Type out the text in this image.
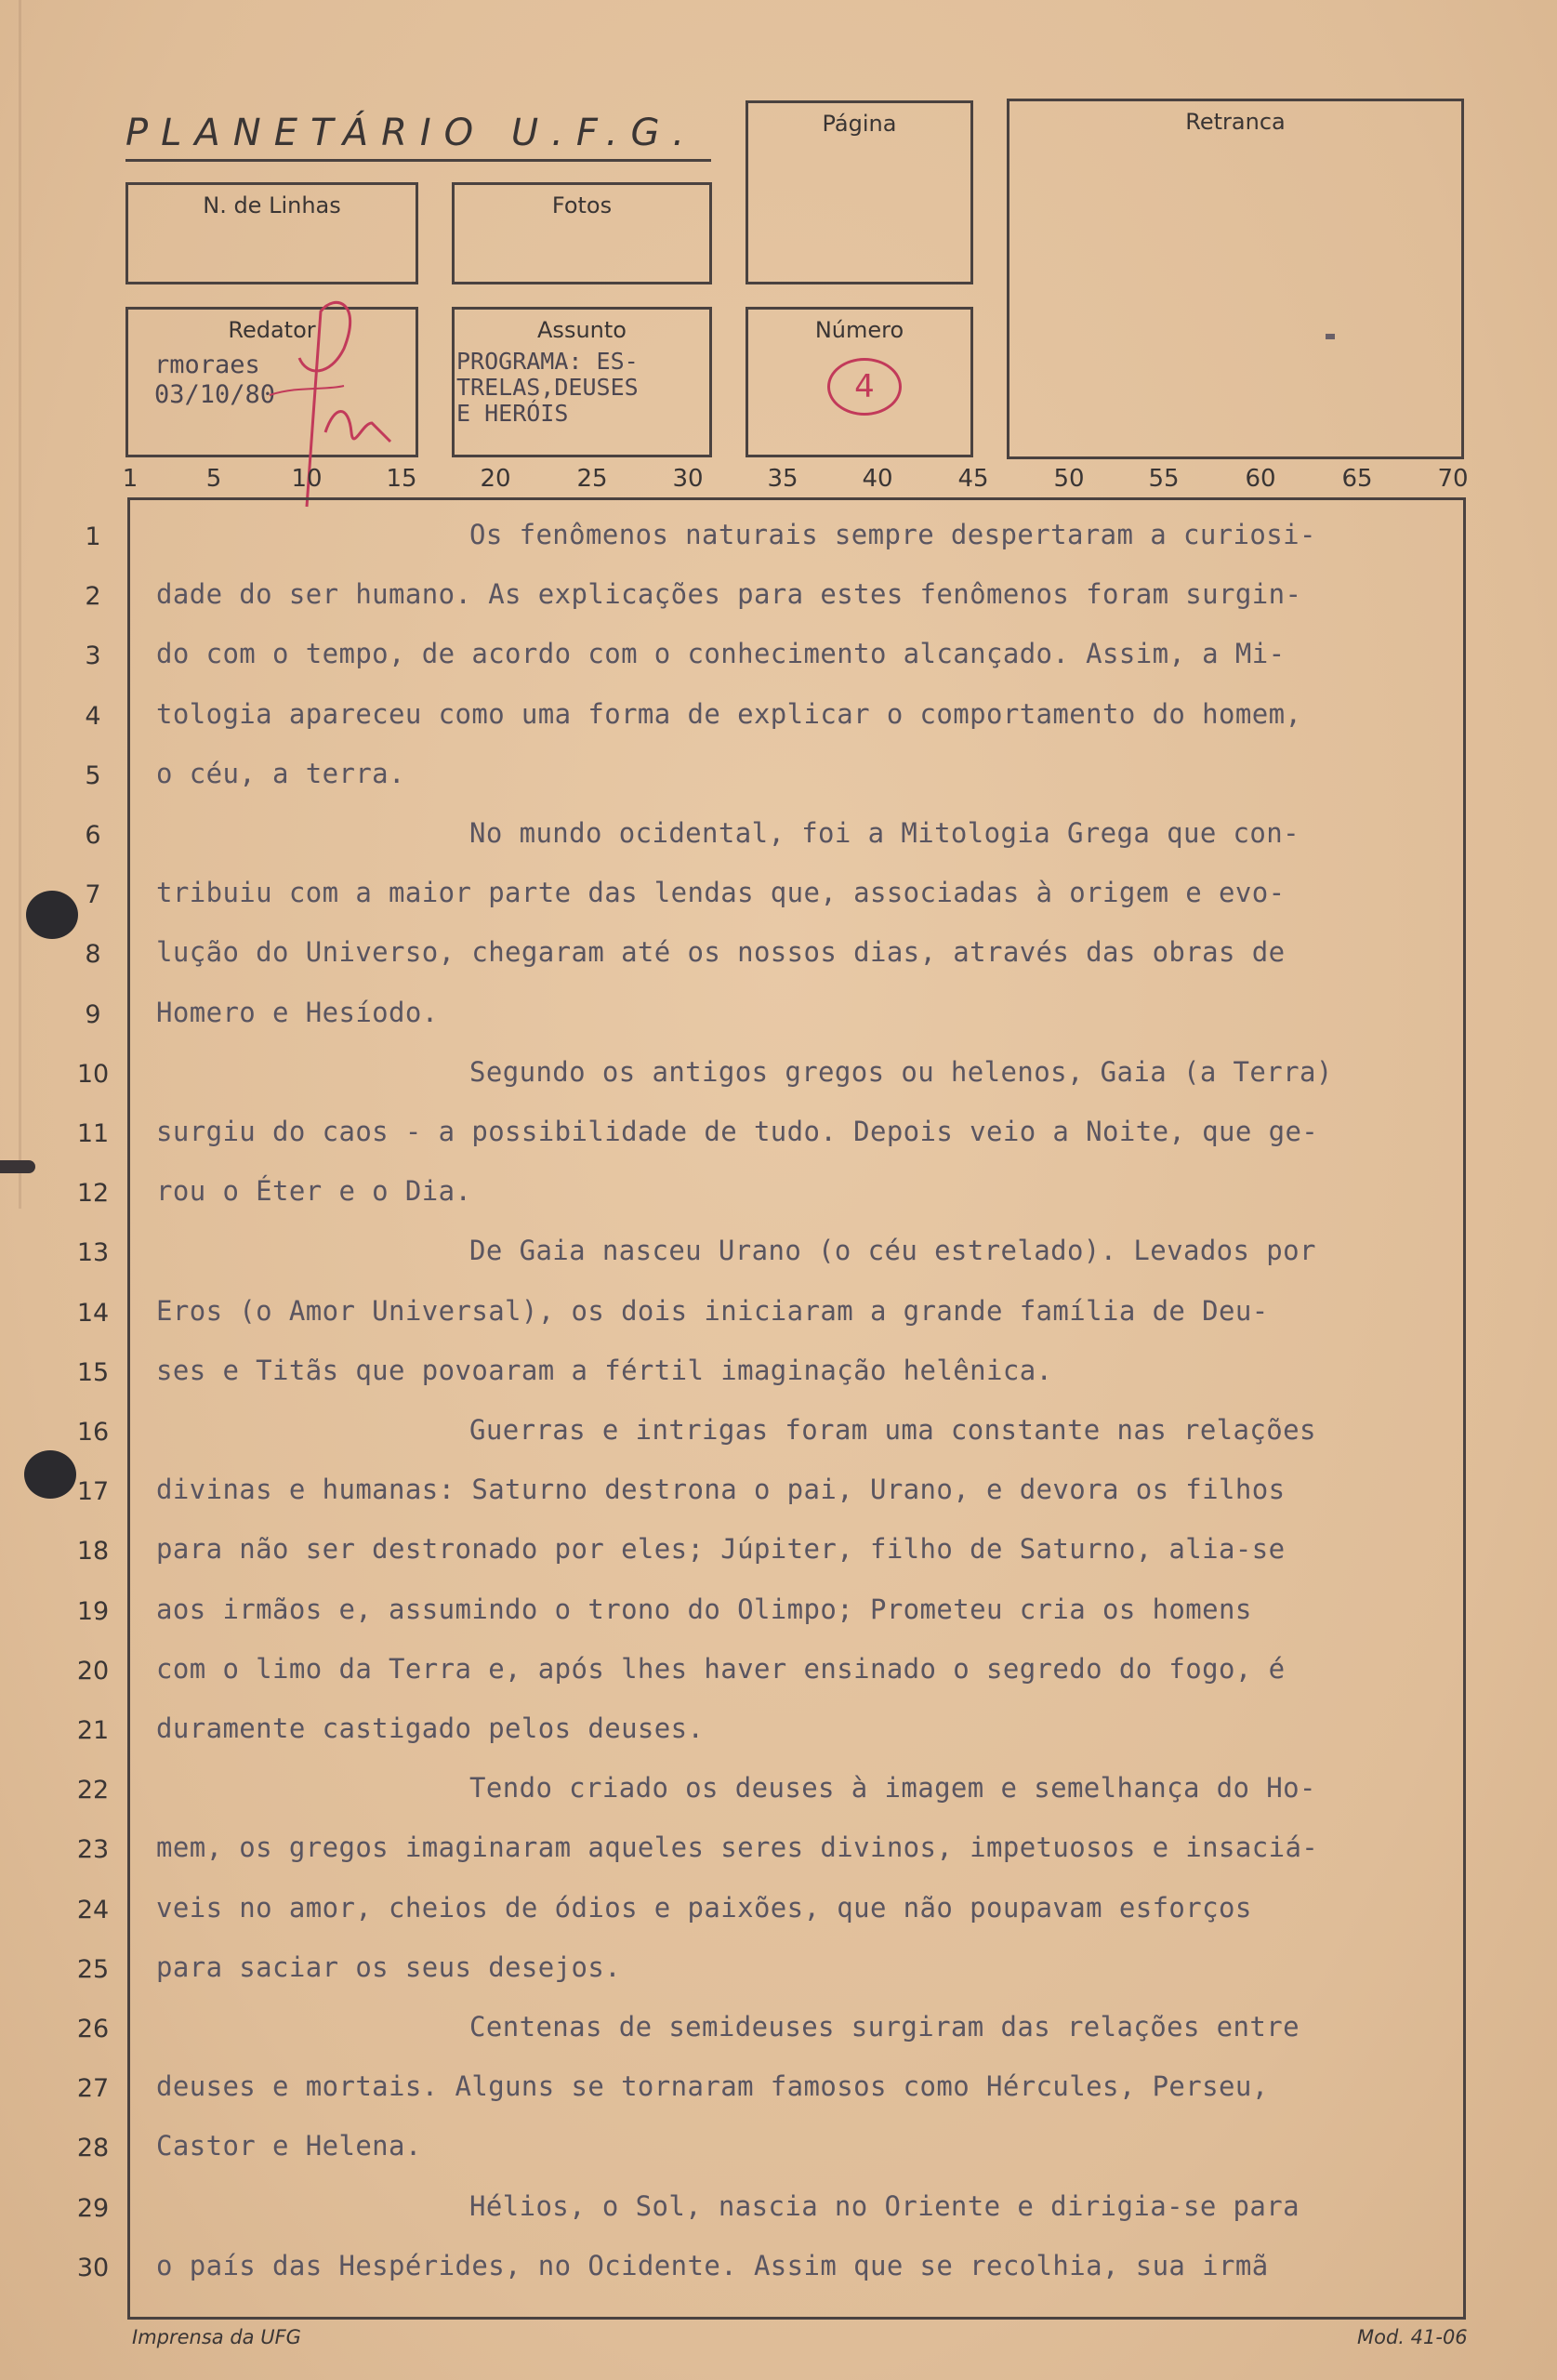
PLANETÁRIO U.F.G.	Página	Retranca
N. de Linhas	Fotos
Redator
rmoraes
03/10/80
Assunto
PROGRAMA: ES-
TRELAS,DEUSES
E HERÓIS
Número
4
1	5	10	15	20	25	30	35	40	45	50	55	60	65	70
1	Os fenômenos naturais sempre despertaram a curiosi-
2	dade do ser humano. As explicações para estes fenômenos foram surgin-
3	do com o tempo, de acordo com o conhecimento alcançado. Assim, a Mi-
4	tologia apareceu como uma forma de explicar o comportamento do homem,
5	o céu, a terra.
6	No mundo ocidental, foi a Mitologia Grega que con-
7	tribuiu com a maior parte das lendas que, associadas à origem e evo-
8	lução do Universo, chegaram até os nossos dias, através das obras de
9	Homero e Hesíodo.
10	Segundo os antigos gregos ou helenos, Gaia (a Terra)
11	surgiu do caos - a possibilidade de tudo. Depois veio a Noite, que ge-
12	rou o Éter e o Dia.
13	De Gaia nasceu Urano (o céu estrelado). Levados por
14	Eros (o Amor Universal), os dois iniciaram a grande família de Deu-
15	ses e Titãs que povoaram a fértil imaginação helênica.
16	Guerras e intrigas foram uma constante nas relações
17	divinas e humanas: Saturno destrona o pai, Urano, e devora os filhos
18	para não ser destronado por eles; Júpiter, filho de Saturno, alia-se
19	aos irmãos e, assumindo o trono do Olimpo; Prometeu cria os homens
20	com o limo da Terra e, após lhes haver ensinado o segredo do fogo, é
21	duramente castigado pelos deuses.
22	Tendo criado os deuses à imagem e semelhança do Ho-
23	mem, os gregos imaginaram aqueles seres divinos, impetuosos e insaciá-
24	veis no amor, cheios de ódios e paixões, que não poupavam esforços
25	para saciar os seus desejos.
26	Centenas de semideuses surgiram das relações entre
27	deuses e mortais. Alguns se tornaram famosos como Hércules, Perseu,
28	Castor e Helena.
29	Hélios, o Sol, nascia no Oriente e dirigia-se para
30	o país das Hespérides, no Ocidente. Assim que se recolhia, sua irmã
Imprensa da UFG	Mod. 41-06
